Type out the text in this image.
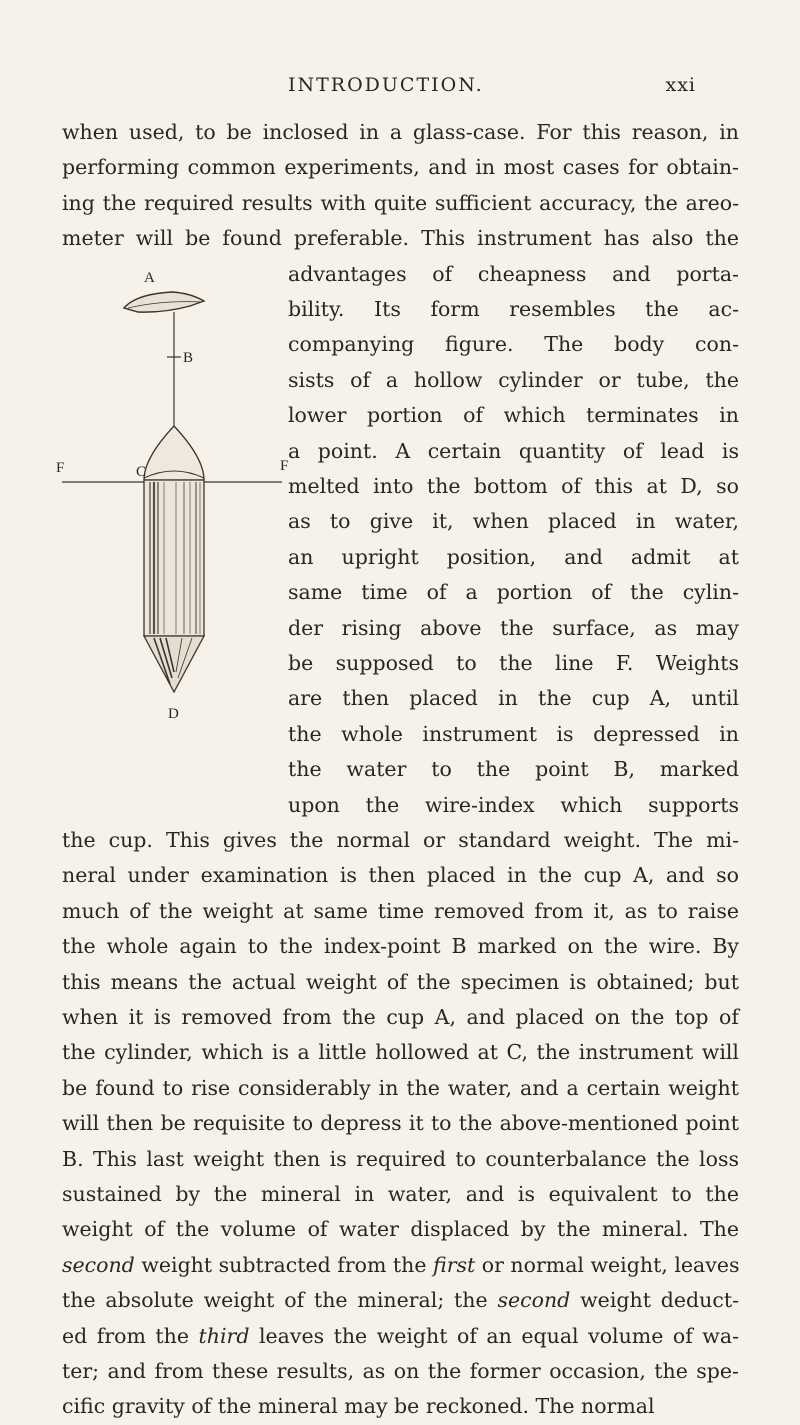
INTRODUCTION.	xxi
A
B
C
D
F	F
when used, to be inclosed in a glass-case. For this reason, in
performing common experiments, and in most cases for obtain-
ing the required results with quite sufficient accuracy, the areo-
meter will be found preferable. This instrument has also the
advantages of cheapness and porta-
bility. Its form resembles the ac-
companying figure. The body con-
sists of a hollow cylinder or tube, the
lower portion of which terminates in
a point. A certain quantity of lead is
melted into the bottom of this at D, so
as to give it, when placed in water,
an upright position, and admit at
same time of a portion of the cylin-
der rising above the surface, as may
be supposed to the line F. Weights
are then placed in the cup A, until
the whole instrument is depressed in
the water to the point B, marked
upon the wire-index which supports
the cup. This gives the normal or standard weight. The mi-
neral under examination is then placed in the cup A, and so
much of the weight at same time removed from it, as to raise
the whole again to the index-point B marked on the wire. By
this means the actual weight of the specimen is obtained; but
when it is removed from the cup A, and placed on the top of
the cylinder, which is a little hollowed at C, the instrument will
be found to rise considerably in the water, and a certain weight
will then be requisite to depress it to the above-mentioned point
B. This last weight then is required to counterbalance the loss
sustained by the mineral in water, and is equivalent to the
weight of the volume of water displaced by the mineral. The
second weight subtracted from the first or normal weight, leaves
the absolute weight of the mineral; the second weight deduct-
ed from the third leaves the weight of an equal volume of wa-
ter; and from these results, as on the former occasion, the spe-
cific gravity of the mineral may be reckoned. The normal
